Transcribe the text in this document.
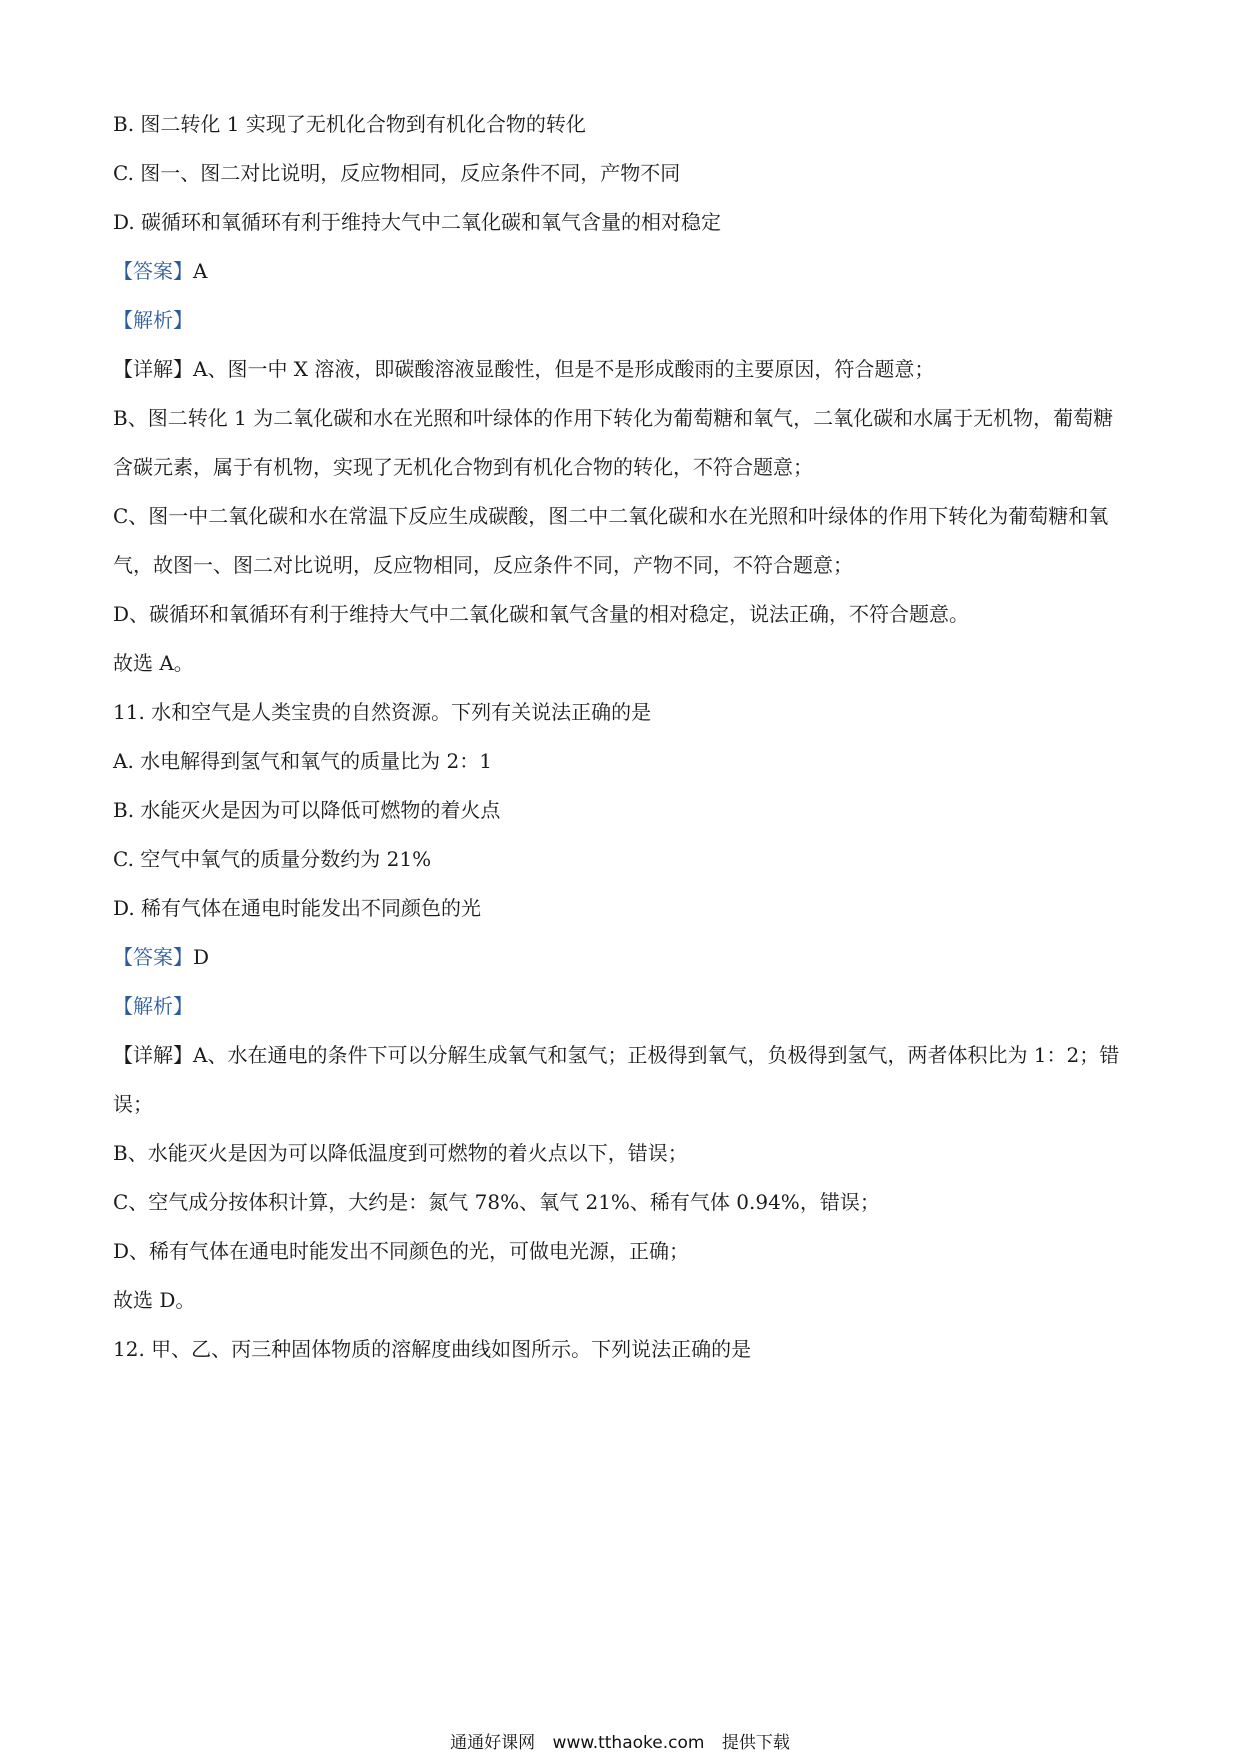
B. 图二转化 1 实现了无机化合物到有机化合物的转化
C. 图一、图二对比说明，反应物相同，反应条件不同，产物不同
D. 碳循环和氧循环有利于维持大气中二氧化碳和氧气含量的相对稳定
【答案】A
【解析】
【详解】A、图一中 X 溶液，即碳酸溶液显酸性，但是不是形成酸雨的主要原因，符合题意；
B、图二转化 1 为二氧化碳和水在光照和叶绿体的作用下转化为葡萄糖和氧气，二氧化碳和水属于无机物，葡萄糖含碳元素，属于有机物，实现了无机化合物到有机化合物的转化，不符合题意；
C、图一中二氧化碳和水在常温下反应生成碳酸，图二中二氧化碳和水在光照和叶绿体的作用下转化为葡萄糖和氧气，故图一、图二对比说明，反应物相同，反应条件不同，产物不同，不符合题意；
D、碳循环和氧循环有利于维持大气中二氧化碳和氧气含量的相对稳定，说法正确，不符合题意。
故选 A。
11. 水和空气是人类宝贵的自然资源。下列有关说法正确的是
A. 水电解得到氢气和氧气的质量比为 2：1
B. 水能灭火是因为可以降低可燃物的着火点
C. 空气中氧气的质量分数约为 21%
D. 稀有气体在通电时能发出不同颜色的光
【答案】D
【解析】
【详解】A、水在通电的条件下可以分解生成氧气和氢气；正极得到氧气，负极得到氢气，两者体积比为 1：2；错误；
B、水能灭火是因为可以降低温度到可燃物的着火点以下，错误；
C、空气成分按体积计算，大约是：氮气 78%、氧气 21%、稀有气体 0.94%，错误；
D、稀有气体在通电时能发出不同颜色的光，可做电光源，正确；
故选 D。
12. 甲、乙、丙三种固体物质的溶解度曲线如图所示。下列说法正确的是
通通好课网 www.tthaoke.com 提供下载
